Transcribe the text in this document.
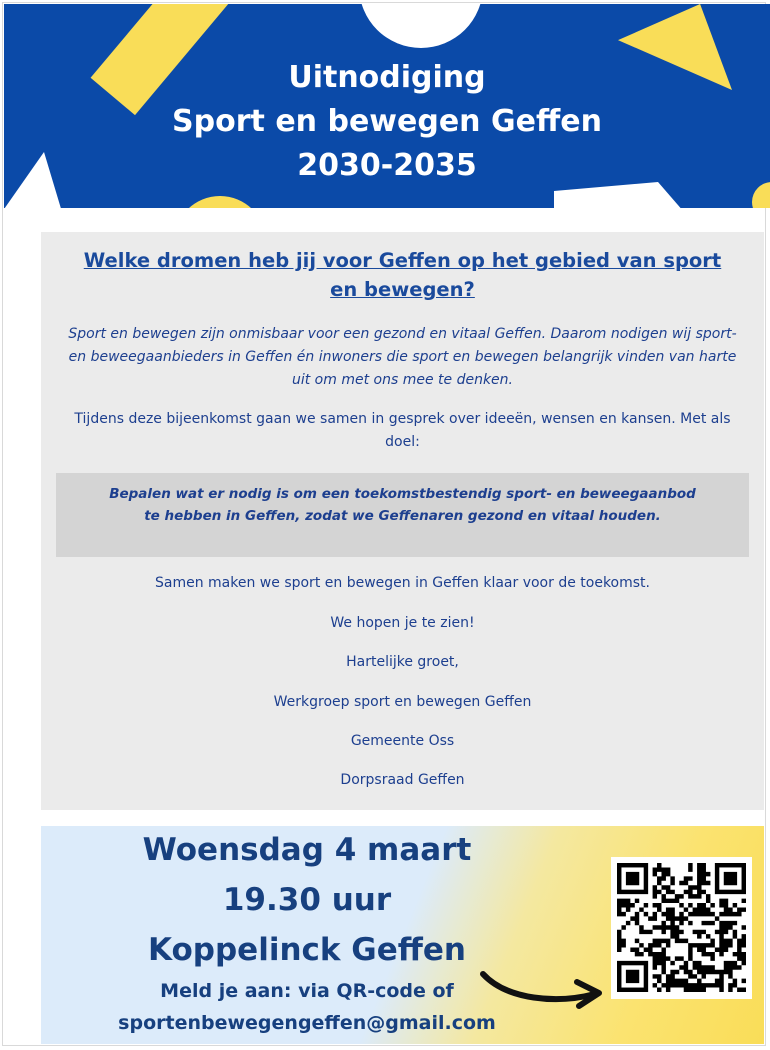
Uitnodiging
Sport en bewegen Geffen
2030-2035
Welke dromen heb jij voor Geffen op het gebied van sport en bewegen?
Sport en bewegen zijn onmisbaar voor een gezond en vitaal Geffen. Daarom nodigen wij sport- en beweegaanbieders in Geffen én inwoners die sport en bewegen belangrijk vinden van harte uit om met ons mee te denken.
Tijdens deze bijeenkomst gaan we samen in gesprek over ideeën, wensen en kansen. Met als doel:
Bepalen wat er nodig is om een toekomstbestendig sport- en beweegaanbod te hebben in Geffen, zodat we Geffenaren gezond en vitaal houden.
Samen maken we sport en bewegen in Geffen klaar voor de toekomst.
We hopen je te zien!
Hartelijke groet,
Werkgroep sport en bewegen Geffen
Gemeente Oss
Dorpsraad Geffen
Woensdag 4 maart
19.30 uur
Koppelinck Geffen
Meld je aan: via QR-code of
sportenbewegengeffen@gmail.com
